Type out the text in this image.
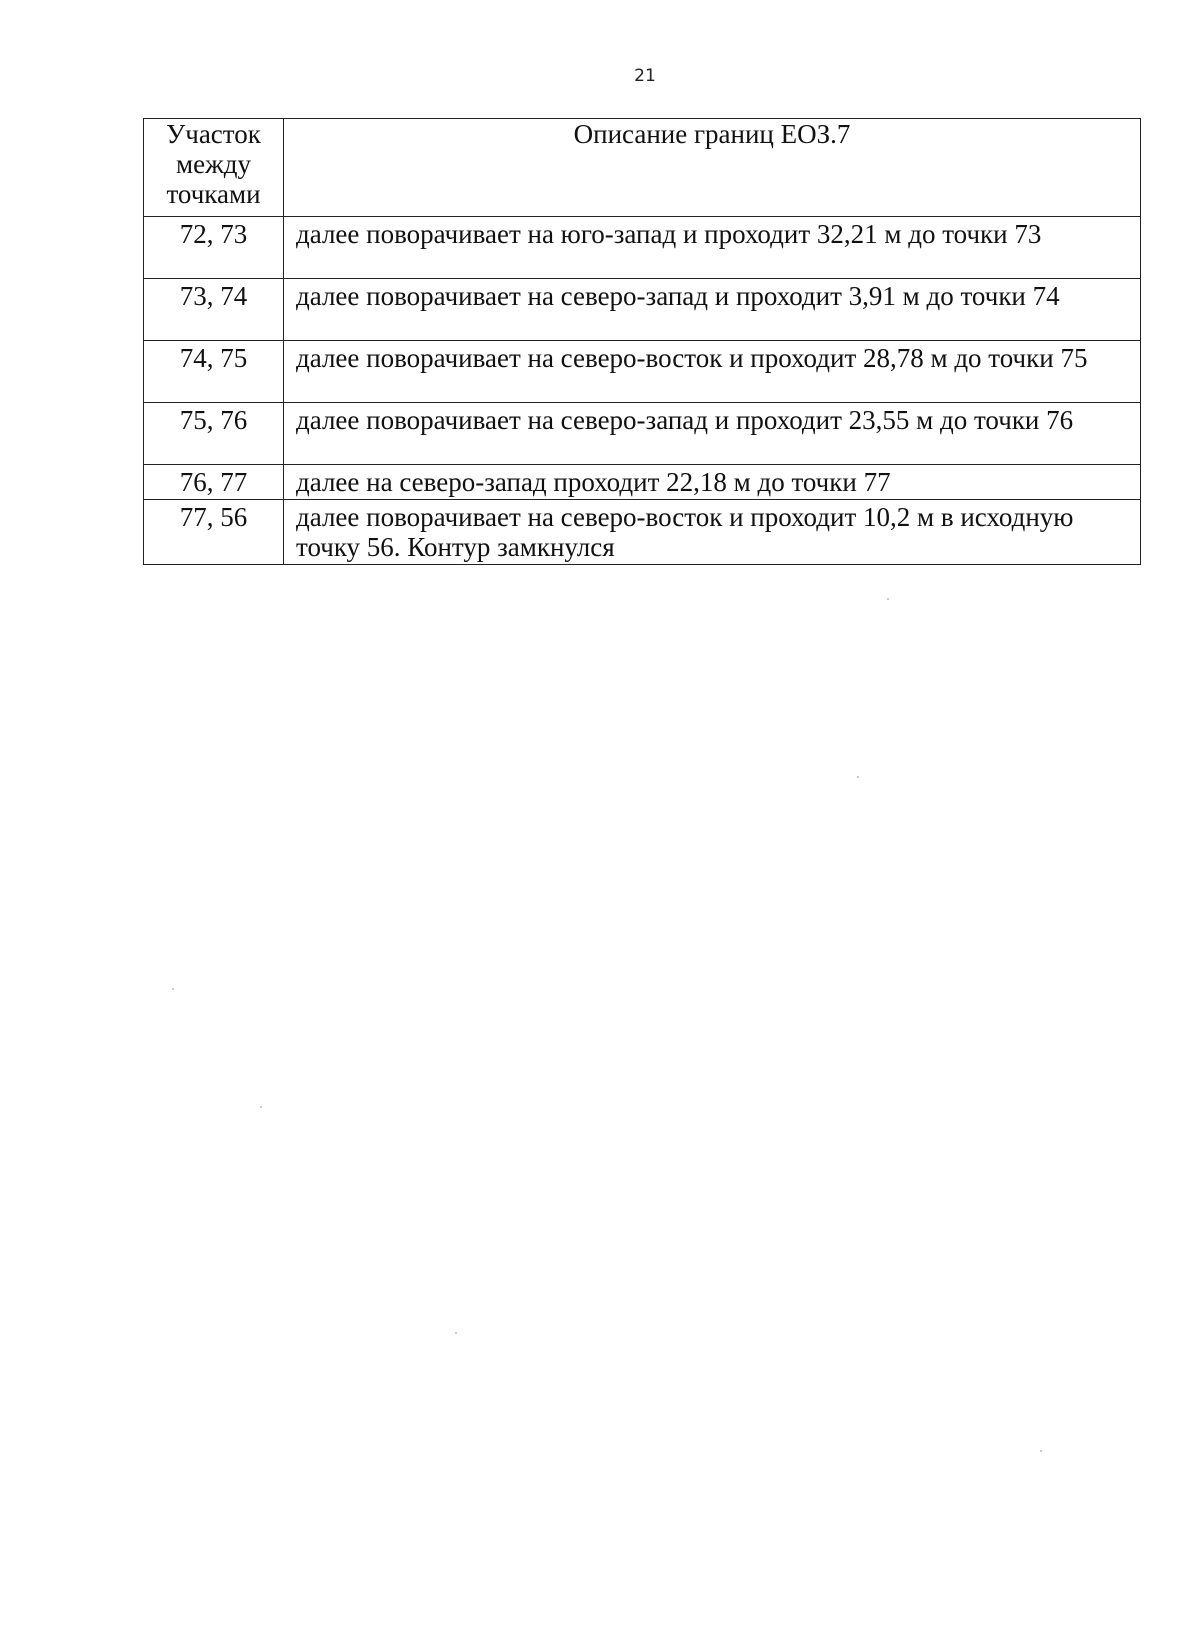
21
Участок между точками	Описание границ ЕОЗ.7
72, 73	далее поворачивает на юго-запад и проходит 32,21 м до точки 73
73, 74	далее поворачивает на северо-запад и проходит 3,91 м до точки 74
74, 75	далее поворачивает на северо-восток и проходит 28,78 м до точки 75
75, 76	далее поворачивает на северо-запад и проходит 23,55 м до точки 76
76, 77	далее на северо-запад проходит 22,18 м до точки 77
77, 56	далее поворачивает на северо-восток и проходит 10,2 м в исходную точку 56. Контур замкнулся
